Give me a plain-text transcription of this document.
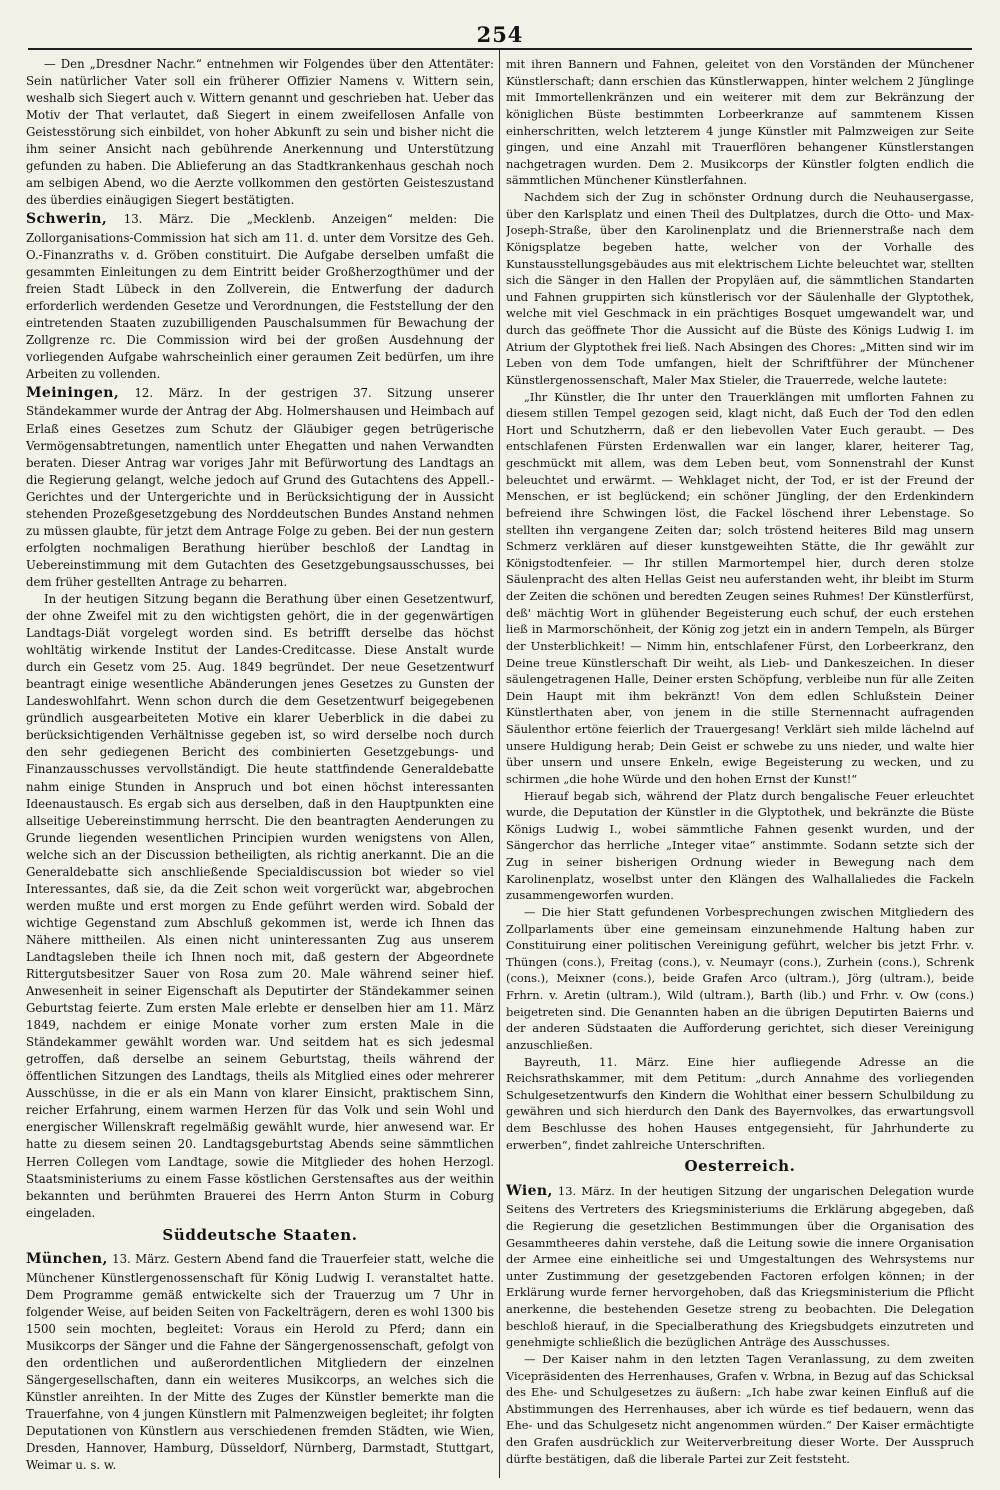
254

— Den „Dresdner Nachr.“ entnehmen wir Folgendes über den Attentäter: Sein natürlicher Vater soll ein früherer Offizier Namens v. Wittern sein, weshalb sich Siegert auch v. Wittern genannt und geschrieben hat. Ueber das Motiv der That verlautet, daß Siegert in einem zweifellosen Anfalle von Geistesstörung sich einbildet, von hoher Abkunft zu sein und bisher nicht die ihm seiner Ansicht nach gebührende Anerkennung und Unterstützung gefunden zu haben. Die Ablieferung an das Stadtkrankenhaus geschah noch am selbigen Abend, wo die Aerzte vollkommen den gestörten Geisteszustand des überdies einäugigen Siegert bestätigten.

Schwerin, 13. März. Die „Mecklenb. Anzeigen“ melden: Die Zollorganisations-Commission hat sich am 11. d. unter dem Vorsitze des Geh. O.-Finanzraths v. d. Gröben constituirt. Die Aufgabe derselben umfaßt die gesammten Einleitungen zu dem Eintritt beider Großherzogthümer und der freien Stadt Lübeck in den Zollverein, die Entwerfung der dadurch erforderlich werdenden Gesetze und Verordnungen, die Feststellung der den eintretenden Staaten zuzubilligenden Pauschalsummen für Bewachung der Zollgrenze rc. Die Commission wird bei der großen Ausdehnung der vorliegenden Aufgabe wahrscheinlich einer geraumen Zeit bedürfen, um ihre Arbeiten zu vollenden.

Meiningen, 12. März. In der gestrigen 37. Sitzung unserer Ständekammer wurde der Antrag der Abg. Holmershausen und Heimbach auf Erlaß eines Gesetzes zum Schutz der Gläubiger gegen betrügerische Vermögensabtretungen, namentlich unter Ehegatten und nahen Verwandten beraten. Dieser Antrag war voriges Jahr mit Befürwortung des Landtags an die Regierung gelangt, welche jedoch auf Grund des Gutachtens des Appell.-Gerichtes und der Untergerichte und in Berücksichtigung der in Aussicht stehenden Prozeßgesetzgebung des Norddeutschen Bundes Anstand nehmen zu müssen glaubte, für jetzt dem Antrage Folge zu geben. Bei der nun gestern erfolgten nochmaligen Berathung hierüber beschloß der Landtag in Uebereinstimmung mit dem Gutachten des Gesetzgebungsausschusses, bei dem früher gestellten Antrage zu beharren.

In der heutigen Sitzung begann die Berathung über einen Gesetzentwurf, der ohne Zweifel mit zu den wichtigsten gehört, die in der gegenwärtigen Landtags-Diät vorgelegt worden sind. Es betrifft derselbe das höchst wohltätig wirkende Institut der Landes-Creditcasse. Diese Anstalt wurde durch ein Gesetz vom 25. Aug. 1849 begründet. Der neue Gesetzentwurf beantragt einige wesentliche Abänderungen jenes Gesetzes zu Gunsten der Landeswohlfahrt. Wenn schon durch die dem Gesetzentwurf beigegebenen gründlich ausgearbeiteten Motive ein klarer Ueberblick in die dabei zu berücksichtigenden Verhältnisse gegeben ist, so wird derselbe noch durch den sehr gediegenen Bericht des combinierten Gesetzgebungs- und Finanzausschusses vervollständigt. Die heute stattfindende Generaldebatte nahm einige Stunden in Anspruch und bot einen höchst interessanten Ideenaustausch. Es ergab sich aus derselben, daß in den Hauptpunkten eine allseitige Uebereinstimmung herrscht. Die den beantragten Aenderungen zu Grunde liegenden wesentlichen Principien wurden wenigstens von Allen, welche sich an der Discussion betheiligten, als richtig anerkannt. Die an die Generaldebatte sich anschließende Specialdiscussion bot wieder so viel Interessantes, daß sie, da die Zeit schon weit vorgerückt war, abgebrochen werden mußte und erst morgen zu Ende geführt werden wird. Sobald der wichtige Gegenstand zum Abschluß gekommen ist, werde ich Ihnen das Nähere mittheilen. Als einen nicht uninteressanten Zug aus unserem Landtagsleben theile ich Ihnen noch mit, daß gestern der Abgeordnete Rittergutsbesitzer Sauer von Rosa zum 20. Male während seiner hief. Anwesenheit in seiner Eigenschaft als Deputirter der Ständekammer seinen Geburtstag feierte. Zum ersten Male erlebte er denselben hier am 11. März 1849, nachdem er einige Monate vorher zum ersten Male in die Ständekammer gewählt worden war. Und seitdem hat es sich jedesmal getroffen, daß derselbe an seinem Geburtstag, theils während der öffentlichen Sitzungen des Landtags, theils als Mitglied eines oder mehrerer Ausschüsse, in die er als ein Mann von klarer Einsicht, praktischem Sinn, reicher Erfahrung, einem warmen Herzen für das Volk und sein Wohl und energischer Willenskraft regelmäßig gewählt wurde, hier anwesend war. Er hatte zu diesem seinen 20. Landtagsgeburtstag Abends seine sämmtlichen Herren Collegen vom Landtage, sowie die Mitglieder des hohen Herzogl. Staatsministeriums zu einem Fasse köstlichen Gerstensaftes aus der weithin bekannten und berühmten Brauerei des Herrn Anton Sturm in Coburg eingeladen.

Süddeutsche Staaten.

München, 13. März. Gestern Abend fand die Trauerfeier statt, welche die Münchener Künstlergenossenschaft für König Ludwig I. veranstaltet hatte. Dem Programme gemäß entwickelte sich der Trauerzug um 7 Uhr in folgender Weise, auf beiden Seiten von Fackelträgern, deren es wohl 1300 bis 1500 sein mochten, begleitet: Voraus ein Herold zu Pferd; dann ein Musikcorps der Sänger und die Fahne der Sängergenossenschaft, gefolgt von den ordentlichen und außerordentlichen Mitgliedern der einzelnen Sängergesellschaften, dann ein weiteres Musikcorps, an welches sich die Künstler anreihten. In der Mitte des Zuges der Künstler bemerkte man die Trauerfahne, von 4 jungen Künstlern mit Palmenzweigen begleitet; ihr folgten Deputationen von Künstlern aus verschiedenen fremden Städten, wie Wien, Dresden, Hannover, Hamburg, Düsseldorf, Nürnberg, Darmstadt, Stuttgart, Weimar u. s. w.

mit ihren Bannern und Fahnen, geleitet von den Vorständen der Münchener Künstlerschaft; dann erschien das Künstlerwappen, hinter welchem 2 Jünglinge mit Immortellenkränzen und ein weiterer mit dem zur Bekränzung der königlichen Büste bestimmten Lorbeerkranze auf sammtenem Kissen einherschritten, welch letzterem 4 junge Künstler mit Palmzweigen zur Seite gingen, und eine Anzahl mit Trauerflören behangener Künstlerstangen nachgetragen wurden. Dem 2. Musikcorps der Künstler folgten endlich die sämmtlichen Münchener Künstlerfahnen.

Nachdem sich der Zug in schönster Ordnung durch die Neuhausergasse, über den Karlsplatz und einen Theil des Dultplatzes, durch die Otto- und Max-Joseph-Straße, über den Karolinenplatz und die Briennerstraße nach dem Königsplatze begeben hatte, welcher von der Vorhalle des Kunstausstellungsgebäudes aus mit elektrischem Lichte beleuchtet war, stellten sich die Sänger in den Hallen der Propyläen auf, die sämmtlichen Standarten und Fahnen gruppirten sich künstlerisch vor der Säulenhalle der Glyptothek, welche mit viel Geschmack in ein prächtiges Bosquet umgewandelt war, und durch das geöffnete Thor die Aussicht auf die Büste des Königs Ludwig I. im Atrium der Glyptothek frei ließ. Nach Absingen des Chores: „Mitten sind wir im Leben von dem Tode umfangen, hielt der Schriftführer der Münchener Künstlergenossenschaft, Maler Max Stieler, die Trauerrede, welche lautete:

„Ihr Künstler, die Ihr unter den Trauerklängen mit umflorten Fahnen zu diesem stillen Tempel gezogen seid, klagt nicht, daß Euch der Tod den edlen Hort und Schutzherrn, daß er den liebevollen Vater Euch geraubt. — Des entschlafenen Fürsten Erdenwallen war ein langer, klarer, heiterer Tag, geschmückt mit allem, was dem Leben beut, vom Sonnenstrahl der Kunst beleuchtet und erwärmt. — Wehklaget nicht, der Tod, er ist der Freund der Menschen, er ist beglückend; ein schöner Jüngling, der den Erdenkindern befreiend ihre Schwingen löst, die Fackel löschend ihrer Lebenstage. So stellten ihn vergangene Zeiten dar; solch tröstend heiteres Bild mag unsern Schmerz verklären auf dieser kunstgeweihten Stätte, die Ihr gewählt zur Königstodtenfeier. — Ihr stillen Marmortempel hier, durch deren stolze Säulenpracht des alten Hellas Geist neu auferstanden weht, ihr bleibt im Sturm der Zeiten die schönen und beredten Zeugen seines Ruhmes! Der Künstlerfürst, deß' mächtig Wort in glühender Begeisterung euch schuf, der euch erstehen ließ in Marmorschönheit, der König zog jetzt ein in andern Tempeln, als Bürger der Unsterblichkeit! — Nimm hin, entschlafener Fürst, den Lorbeerkranz, den Deine treue Künstlerschaft Dir weiht, als Lieb- und Dankeszeichen. In dieser säulengetragenen Halle, Deiner ersten Schöpfung, verbleibe nun für alle Zeiten Dein Haupt mit ihm bekränzt! Von dem edlen Schlußstein Deiner Künstlerthaten aber, von jenem in die stille Sternennacht aufragenden Säulenthor ertöne feierlich der Trauergesang! Verklärt sieh milde lächelnd auf unsere Huldigung herab; Dein Geist er schwebe zu uns nieder, und walte hier über unsern und unsere Enkeln, ewige Begeisterung zu wecken, und zu schirmen „die hohe Würde und den hohen Ernst der Kunst!“

Hierauf begab sich, während der Platz durch bengalische Feuer erleuchtet wurde, die Deputation der Künstler in die Glyptothek, und bekränzte die Büste Königs Ludwig I., wobei sämmtliche Fahnen gesenkt wurden, und der Sängerchor das herrliche „Integer vitae“ anstimmte. Sodann setzte sich der Zug in seiner bisherigen Ordnung wieder in Bewegung nach dem Karolinenplatz, woselbst unter den Klängen des Walhallaliedes die Fackeln zusammengeworfen wurden.

— Die hier Statt gefundenen Vorbesprechungen zwischen Mitgliedern des Zollparlaments über eine gemeinsam einzunehmende Haltung haben zur Constituirung einer politischen Vereinigung geführt, welcher bis jetzt Frhr. v. Thüngen (cons.), Freitag (cons.), v. Neumayr (cons.), Zurhein (cons.), Schrenk (cons.), Meixner (cons.), beide Grafen Arco (ultram.), Jörg (ultram.), beide Frhrn. v. Aretin (ultram.), Wild (ultram.), Barth (lib.) und Frhr. v. Ow (cons.) beigetreten sind. Die Genannten haben an die übrigen Deputirten Baierns und der anderen Südstaaten die Aufforderung gerichtet, sich dieser Vereinigung anzuschließen.

Bayreuth, 11. März. Eine hier aufliegende Adresse an die Reichsrathskammer, mit dem Petitum: „durch Annahme des vorliegenden Schulgesetzentwurfs den Kindern die Wohlthat einer bessern Schulbildung zu gewähren und sich hierdurch den Dank des Bayernvolkes, das erwartungsvoll dem Beschlusse des hohen Hauses entgegensieht, für Jahrhunderte zu erwerben“, findet zahlreiche Unterschriften.

Oesterreich.

Wien, 13. März. In der heutigen Sitzung der ungarischen Delegation wurde Seitens des Vertreters des Kriegsministeriums die Erklärung abgegeben, daß die Regierung die gesetzlichen Bestimmungen über die Organisation des Gesammtheeres dahin verstehe, daß die Leitung sowie die innere Organisation der Armee eine einheitliche sei und Umgestaltungen des Wehrsystems nur unter Zustimmung der gesetzgebenden Factoren erfolgen können; in der Erklärung wurde ferner hervorgehoben, daß das Kriegsministerium die Pflicht anerkenne, die bestehenden Gesetze streng zu beobachten. Die Delegation beschloß hierauf, in die Specialberathung des Kriegsbudgets einzutreten und genehmigte schließlich die bezüglichen Anträge des Ausschusses.

— Der Kaiser nahm in den letzten Tagen Veranlassung, zu dem zweiten Vicepräsidenten des Herrenhauses, Grafen v. Wrbna, in Bezug auf das Schicksal des Ehe- und Schulgesetzes zu äußern: „Ich habe zwar keinen Einfluß auf die Abstimmungen des Herrenhauses, aber ich würde es tief bedauern, wenn das Ehe- und das Schulgesetz nicht angenommen würden.“ Der Kaiser ermächtigte den Grafen ausdrücklich zur Weiterverbreitung dieser Worte. Der Ausspruch dürfte bestätigen, daß die liberale Partei zur Zeit feststeht.
